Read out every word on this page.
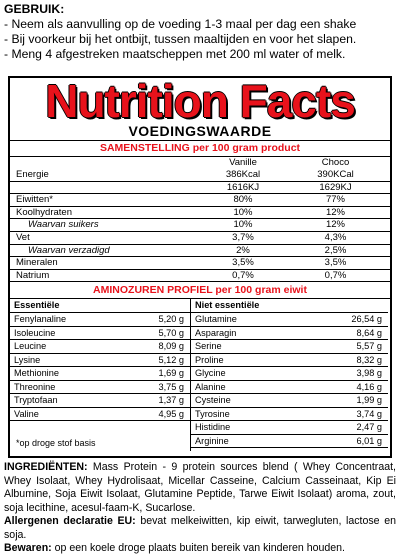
GEBRUIK:
- Neem als aanvulling op de voeding 1-3 maal per dag een shake
- Bij voorkeur bij het ontbijt, tussen maaltijden en voor het slapen.
- Meng 4 afgestreken maatscheppen met 200 ml water of melk.
Nutrition Facts
VOEDINGSWAARDE
SAMENSTELLING per 100 gram product
Vanille	Choco
Energie	386Kcal	390KCal
1616KJ	1629KJ
Eiwitten*	80%	77%
Koolhydraten	10%	12%
Waarvan suikers	10%	12%
Vet	3,7%	4,3%
Waarvan verzadigd	2%	2,5%
Mineralen	3,5%	3,5%
Natrium	0,7%	0,7%
AMINOZUREN PROFIEL per 100 gram eiwit
Essentiële
Fenylanaline	5,20 g
Isoleucine	5,70 g
Leucine	8,09 g
Lysine	5,12 g
Methionine	1,69 g
Threonine	3,75 g
Tryptofaan	1,37 g
Valine	4,95 g
Niet essentiële
Glutamine	26,54 g
Asparagin	8,64 g
Serine	5,57 g
Proline	8,32 g
Glycine	3,98 g
Alanine	4,16 g
Cysteine	1,99 g
Tyrosine	3,74 g
Histidine	2,47 g
Arginine	6,01 g
*op droge stof basis
INGREDIËNTEN: Mass Protein - 9 protein sources blend ( Whey Concentraat, Whey Isolaat, Whey Hydrolisaat, Micellar Casseine, Calcium Casseinaat, Kip Ei Albumine, Soja Eiwit Isolaat, Glutamine Peptide, Tarwe Eiwit Isolaat) aroma, zout, soja lecithine, acesul-faam-K, Sucarlose.
Allergenen declaratie EU: bevat melkeiwitten, kip eiwit, tarwegluten, lactose en soja.
Bewaren: op een koele droge plaats buiten bereik van kinderen houden.
